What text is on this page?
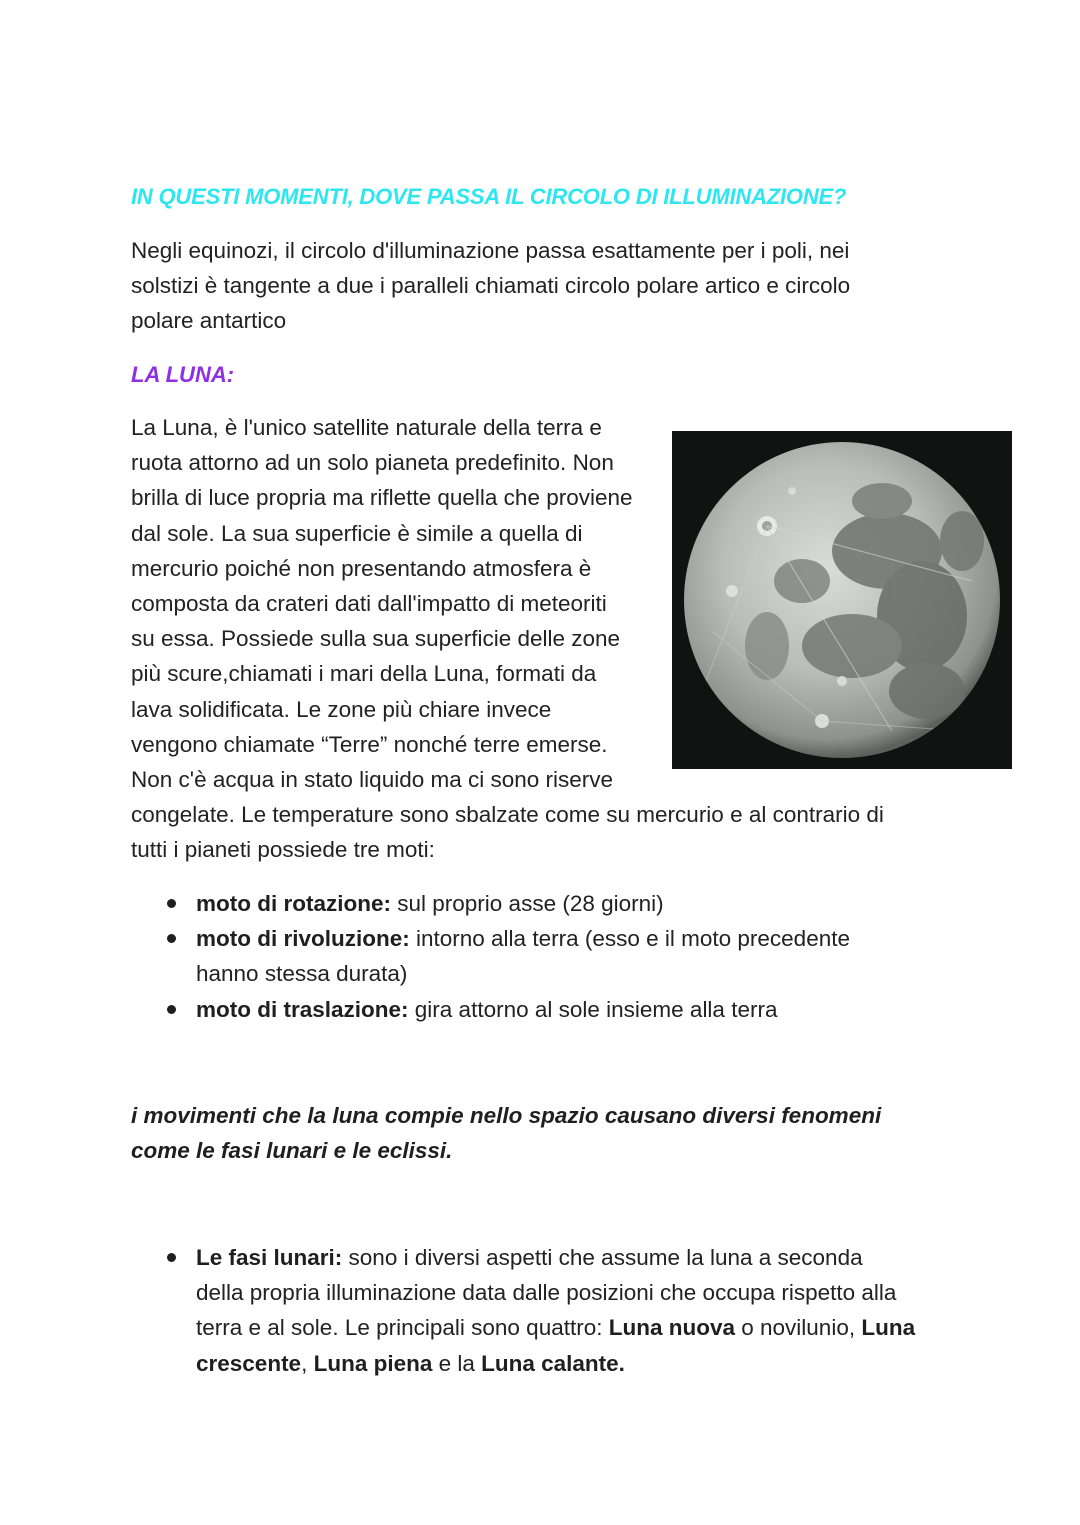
IN QUESTI MOMENTI, DOVE PASSA IL CIRCOLO DI ILLUMINAZIONE?
Negli equinozi, il circolo d'illuminazione passa esattamente per i poli, nei
solstizi è tangente a due i paralleli chiamati circolo polare artico e circolo
polare antartico
LA LUNA:
La Luna, è l'unico satellite naturale della terra e
ruota attorno ad un solo pianeta predefinito. Non
brilla di luce propria ma riflette quella che proviene
dal sole. La sua superficie è simile a quella di
mercurio poiché non presentando atmosfera è
composta da crateri dati dall'impatto di meteoriti
su essa. Possiede sulla sua superficie delle zone
più scure,chiamati i mari della Luna, formati da
lava solidificata. Le zone più chiare invece
vengono chiamate “Terre” nonché terre emerse.
Non c'è acqua in stato liquido ma ci sono riserve
congelate. Le temperature sono sbalzate come su mercurio e al contrario di
tutti i pianeti possiede tre moti:
moto di rotazione: sul proprio asse (28 giorni)
moto di rivoluzione: intorno alla terra (esso e il moto precedente
hanno stessa durata)
moto di traslazione: gira attorno al sole insieme alla terra
i movimenti che la luna compie nello spazio causano diversi fenomeni
come le fasi lunari e le eclissi.
Le fasi lunari: sono i diversi aspetti che assume la luna a seconda
della propria illuminazione data dalle posizioni che occupa rispetto alla
terra e al sole. Le principali sono quattro: Luna nuova o novilunio, Luna
crescente, Luna piena e la Luna calante.
